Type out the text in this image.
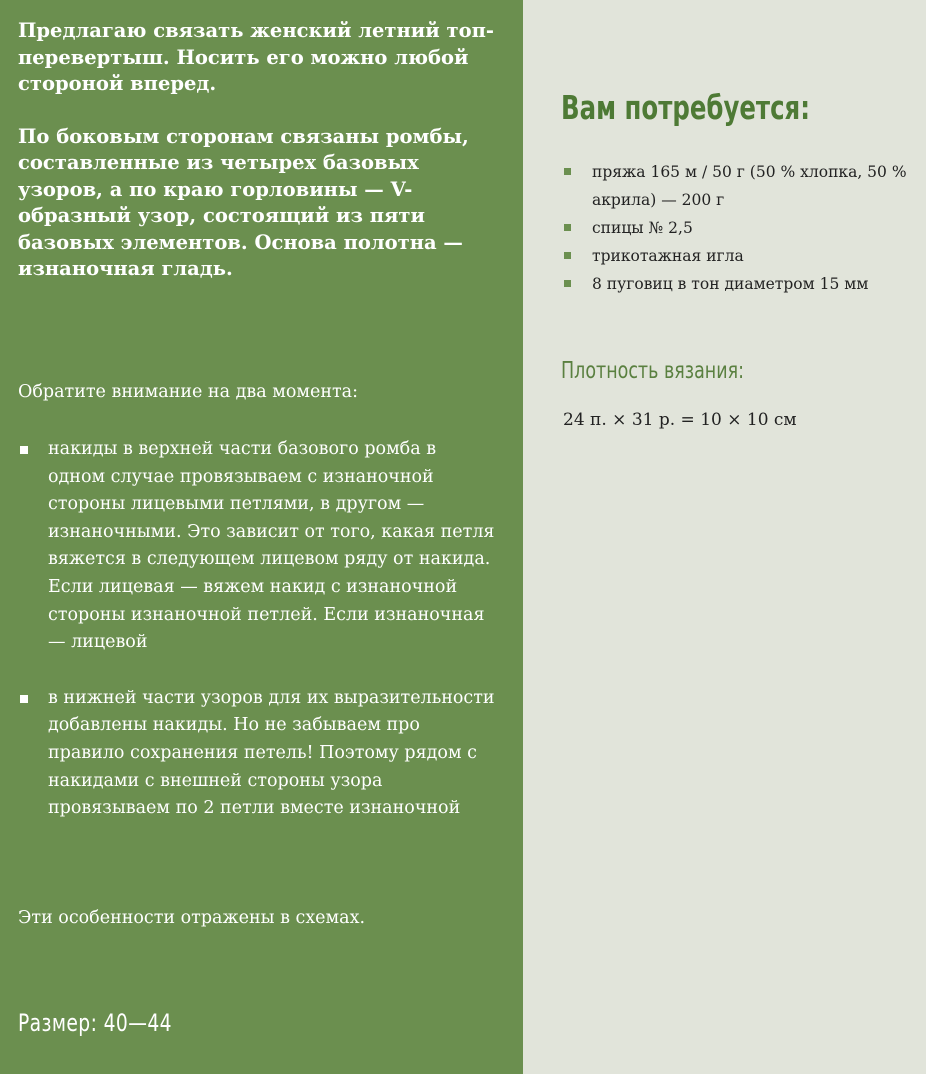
Предлагаю связать женский летний топ-перевертыш. Носить его можно любой стороной вперед.

По боковым сторонам связаны ромбы, составленные из четырех базовых узоров, а по краю горловины — V-образный узор, состоящий из пяти базовых элементов. Основа полотна — изнаночная гладь.

Обратите внимание на два момента:

накиды в верхней части базового ромба в одном случае провязываем с изнаночной стороны лицевыми петлями, в другом — изнаночными. Это зависит от того, какая петля вяжется в следующем лицевом ряду от накида. Если лицевая — вяжем накид с изнаночной стороны изнаночной петлей. Если изнаночная — лицевой
в нижней части узоров для их выразительности добавлены накиды. Но не забываем про правило сохранения петель! Поэтому рядом с накидами с внешней стороны узора провязываем по 2 петли вместе изнаночной

Эти особенности отражены в схемах.

Размер: 40—44
Вам потребуется:
пряжа 165 м / 50 г (50 % хлопка, 50 % акрила) — 200 г
спицы № 2,5
трикотажная игла
8 пуговиц в тон диаметром 15 мм
Плотность вязания:
24 п. × 31 р. = 10 × 10 см
